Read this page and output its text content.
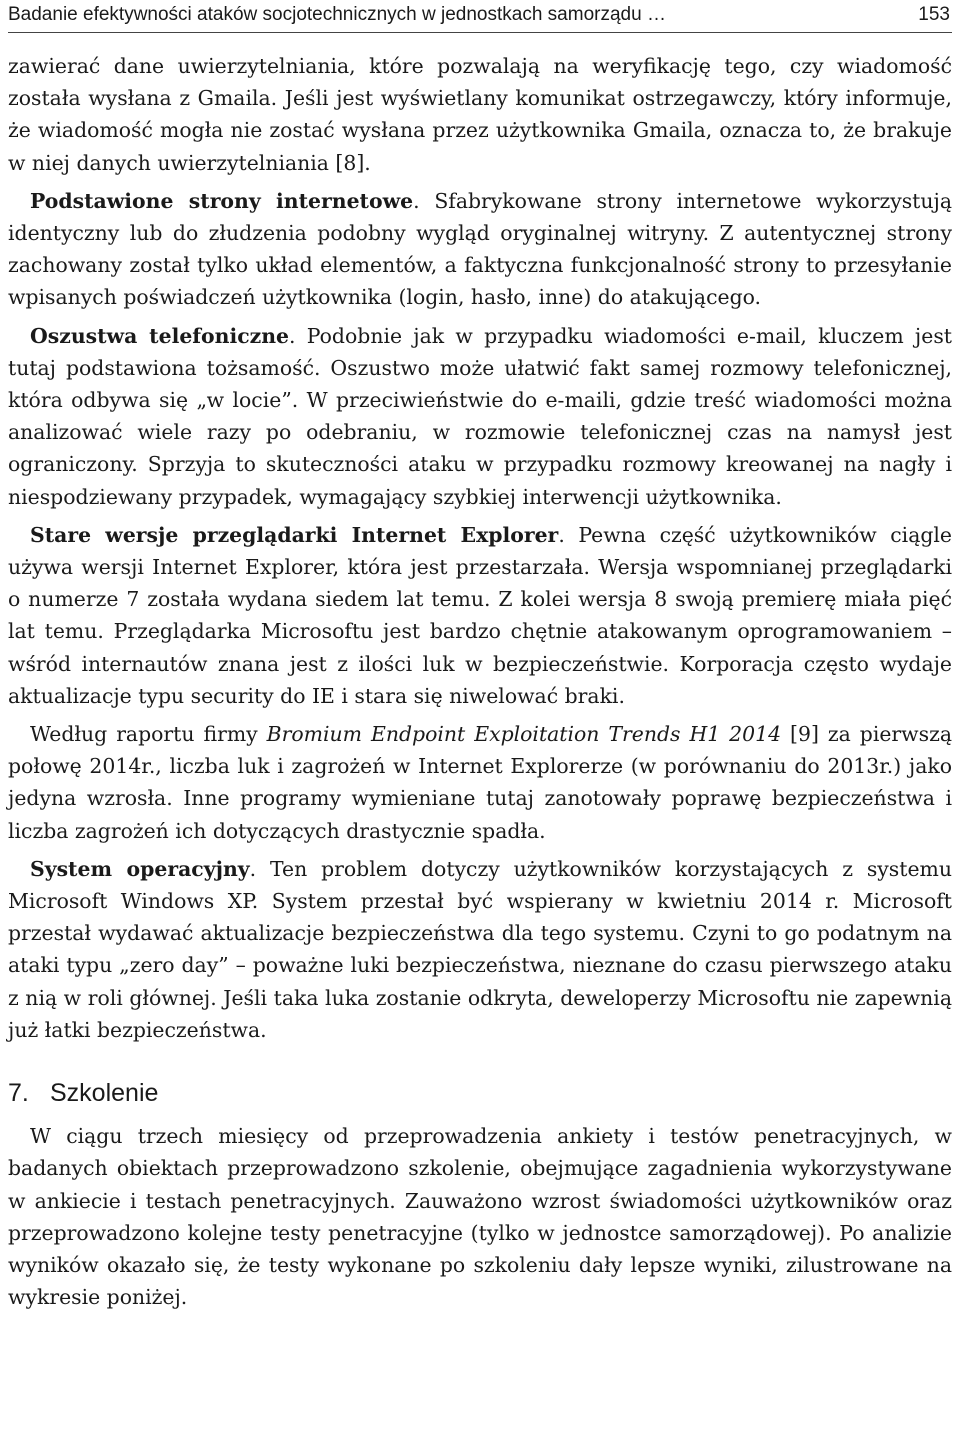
Badanie efektywności ataków socjotechnicznych w jednostkach samorządu …	153

zawierać dane uwierzytelniania, które pozwalają na weryfikację tego, czy wiadomość została wysłana z Gmaila. Jeśli jest wyświetlany komunikat ostrzegawczy, który informuje, że wiadomość mogła nie zostać wysłana przez użytkownika Gmaila, oznacza to, że brakuje w niej danych uwierzytelniania [8].

Podstawione strony internetowe. Sfabrykowane strony internetowe wykorzystują identyczny lub do złudzenia podobny wygląd oryginalnej witryny. Z autentycznej strony zachowany został tylko układ elementów, a faktyczna funkcjonalność strony to przesyłanie wpisanych poświadczeń użytkownika (login, hasło, inne) do atakującego.

Oszustwa telefoniczne. Podobnie jak w przypadku wiadomości e-mail, kluczem jest tutaj podstawiona tożsamość. Oszustwo może ułatwić fakt samej rozmowy telefonicznej, która odbywa się „w locie”. W przeciwieństwie do e-maili, gdzie treść wiadomości można analizować wiele razy po odebraniu, w rozmowie telefonicznej czas na namysł jest ograniczony. Sprzyja to skuteczności ataku w przypadku rozmowy kreowanej na nagły i niespodziewany przypadek, wymagający szybkiej interwencji użytkownika.

Stare wersje przeglądarki Internet Explorer. Pewna część użytkowników ciągle używa wersji Internet Explorer, która jest przestarzała. Wersja wspomnianej przeglądarki o numerze 7 została wydana siedem lat temu. Z kolei wersja 8 swoją premierę miała pięć lat temu. Przeglądarka Microsoftu jest bardzo chętnie atakowanym oprogramowaniem – wśród internautów znana jest z ilości luk w bezpieczeństwie. Korporacja często wydaje aktualizacje typu security do IE i stara się niwelować braki.

Według raportu firmy Bromium Endpoint Exploitation Trends H1 2014 [9] za pierwszą połowę 2014r., liczba luk i zagrożeń w Internet Explorerze (w porównaniu do 2013r.) jako jedyna wzrosła. Inne programy wymieniane tutaj zanotowały poprawę bezpieczeństwa i liczba zagrożeń ich dotyczących drastycznie spadła.

System operacyjny. Ten problem dotyczy użytkowników korzystających z systemu Microsoft Windows XP. System przestał być wspierany w kwietniu 2014 r. Microsoft przestał wydawać aktualizacje bezpieczeństwa dla tego systemu. Czyni to go podatnym na ataki typu „zero day” – poważne luki bezpieczeństwa, nieznane do czasu pierwszego ataku z nią w roli głównej. Jeśli taka luka zostanie odkryta, deweloperzy Microsoftu nie zapewnią już łatki bezpieczeństwa.

7. Szkolenie

W ciągu trzech miesięcy od przeprowadzenia ankiety i testów penetracyjnych, w badanych obiektach przeprowadzono szkolenie, obejmujące zagadnienia wykorzystywane w ankiecie i testach penetracyjnych. Zauważono wzrost świadomości użytkowników oraz przeprowadzono kolejne testy penetracyjne (tylko w jednostce samorządowej). Po analizie wyników okazało się, że testy wykonane po szkoleniu dały lepsze wyniki, zilustrowane na wykresie poniżej.
